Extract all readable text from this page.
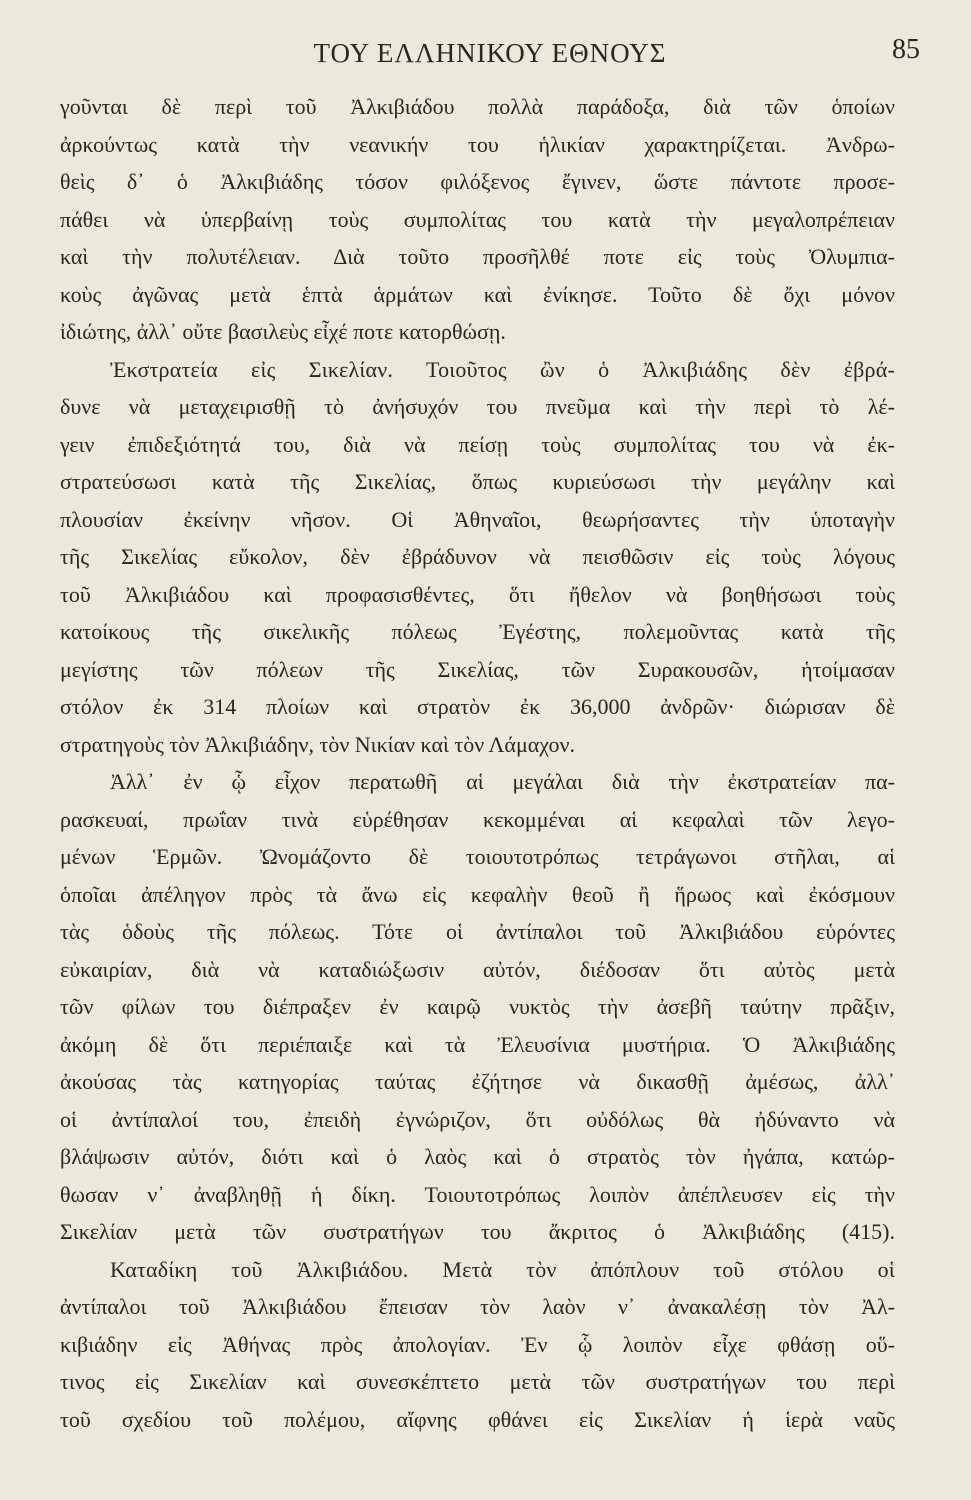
ΤΟΥ ΕΛΛΗΝΙΚΟΥ ΕΘΝΟΥΣ	85
γοῦνται δὲ περὶ τοῦ Ἀλκιβιάδου πολλὰ παράδοξα, διὰ τῶν ὁποίων
ἀρκούντως κατὰ τὴν νεανικήν του ἡλικίαν χαρακτηρίζεται. Ἀνδρω-
θεὶς δ᾽ ὁ Ἀλκιβιάδης τόσον φιλόξενος ἔγινεν, ὥστε πάντοτε προσε-
πάθει νὰ ὑπερβαίνῃ τοὺς συμπολίτας του κατὰ τὴν μεγαλοπρέπειαν
καὶ τὴν πολυτέλειαν. Διὰ τοῦτο προσῆλθέ ποτε εἰς τοὺς Ὀλυμπια-
κοὺς ἀγῶνας μετὰ ἑπτὰ ἁρμάτων καὶ ἐνίκησε. Τοῦτο δὲ ὄχι μόνον
ἰδιώτης, ἀλλ᾽ οὔτε βασιλεὺς εἶχέ ποτε κατορθώσῃ.
Ἐκστρατεία εἰς Σικελίαν. Τοιοῦτος ὢν ὁ Ἀλκιβιάδης δὲν ἐβρά-
δυνε νὰ μεταχειρισθῇ τὸ ἀνήσυχόν του πνεῦμα καὶ τὴν περὶ τὸ λέ-
γειν ἐπιδεξιότητά του, διὰ νὰ πείσῃ τοὺς συμπολίτας του νὰ ἐκ-
στρατεύσωσι κατὰ τῆς Σικελίας, ὅπως κυριεύσωσι τὴν μεγάλην καὶ
πλουσίαν ἐκείνην νῆσον. Οἱ Ἀθηναῖοι, θεωρήσαντες τὴν ὑποταγὴν
τῆς Σικελίας εὔκολον, δὲν ἐβράδυνον νὰ πεισθῶσιν εἰς τοὺς λόγους
τοῦ Ἀλκιβιάδου καὶ προφασισθέντες, ὅτι ἤθελον νὰ βοηθήσωσι τοὺς
κατοίκους τῆς σικελικῆς πόλεως Ἐγέστης, πολεμοῦντας κατὰ τῆς
μεγίστης τῶν πόλεων τῆς Σικελίας, τῶν Συρακουσῶν, ἡτοίμασαν
στόλον ἐκ 314 πλοίων καὶ στρατὸν ἐκ 36,000 ἀνδρῶν· διώρισαν δὲ
στρατηγοὺς τὸν Ἀλκιβιάδην, τὸν Νικίαν καὶ τὸν Λάμαχον.
Ἀλλ᾽ ἐν ᾧ εἶχον περατωθῆ αἱ μεγάλαι διὰ τὴν ἐκστρατείαν πα-
ρασκευαί, πρωΐαν τινὰ εὑρέθησαν κεκομμέναι αἱ κεφαλαὶ τῶν λεγο-
μένων Ἑρμῶν. Ὠνομάζοντο δὲ τοιουτοτρόπως τετράγωνοι στῆλαι, αἱ
ὁποῖαι ἀπέληγον πρὸς τὰ ἄνω εἰς κεφαλὴν θεοῦ ἢ ἥρωος καὶ ἐκόσμουν
τὰς ὁδοὺς τῆς πόλεως. Τότε οἱ ἀντίπαλοι τοῦ Ἀλκιβιάδου εὑρόντες
εὐκαιρίαν, διὰ νὰ καταδιώξωσιν αὐτόν, διέδοσαν ὅτι αὐτὸς μετὰ
τῶν φίλων του διέπραξεν ἐν καιρῷ νυκτὸς τὴν ἀσεβῆ ταύτην πρᾶξιν,
ἀκόμη δὲ ὅτι περιέπαιξε καὶ τὰ Ἐλευσίνια μυστήρια. Ὁ Ἀλκιβιάδης
ἀκούσας τὰς κατηγορίας ταύτας ἐζήτησε νὰ δικασθῇ ἀμέσως, ἀλλ᾽
οἱ ἀντίπαλοί του, ἐπειδὴ ἐγνώριζον, ὅτι οὐδόλως θὰ ἠδύναντο νὰ
βλάψωσιν αὐτόν, διότι καὶ ὁ λαὸς καὶ ὁ στρατὸς τὸν ἠγάπα, κατώρ-
θωσαν ν᾽ ἀναβληθῇ ἡ δίκη. Τοιουτοτρόπως λοιπὸν ἀπέπλευσεν εἰς τὴν
Σικελίαν μετὰ τῶν συστρατήγων του ἄκριτος ὁ Ἀλκιβιάδης (415).
Καταδίκη τοῦ Ἀλκιβιάδου. Μετὰ τὸν ἀπόπλουν τοῦ στόλου οἱ
ἀντίπαλοι τοῦ Ἀλκιβιάδου ἔπεισαν τὸν λαὸν ν᾽ ἀνακαλέσῃ τὸν Ἀλ-
κιβιάδην εἰς Ἀθήνας πρὸς ἀπολογίαν. Ἐν ᾧ λοιπὸν εἶχε φθάσῃ οὕ-
τινος εἰς Σικελίαν καὶ συνεσκέπτετο μετὰ τῶν συστρατήγων του περὶ
τοῦ σχεδίου τοῦ πολέμου, αἴφνης φθάνει εἰς Σικελίαν ἡ ἱερὰ ναῦς
